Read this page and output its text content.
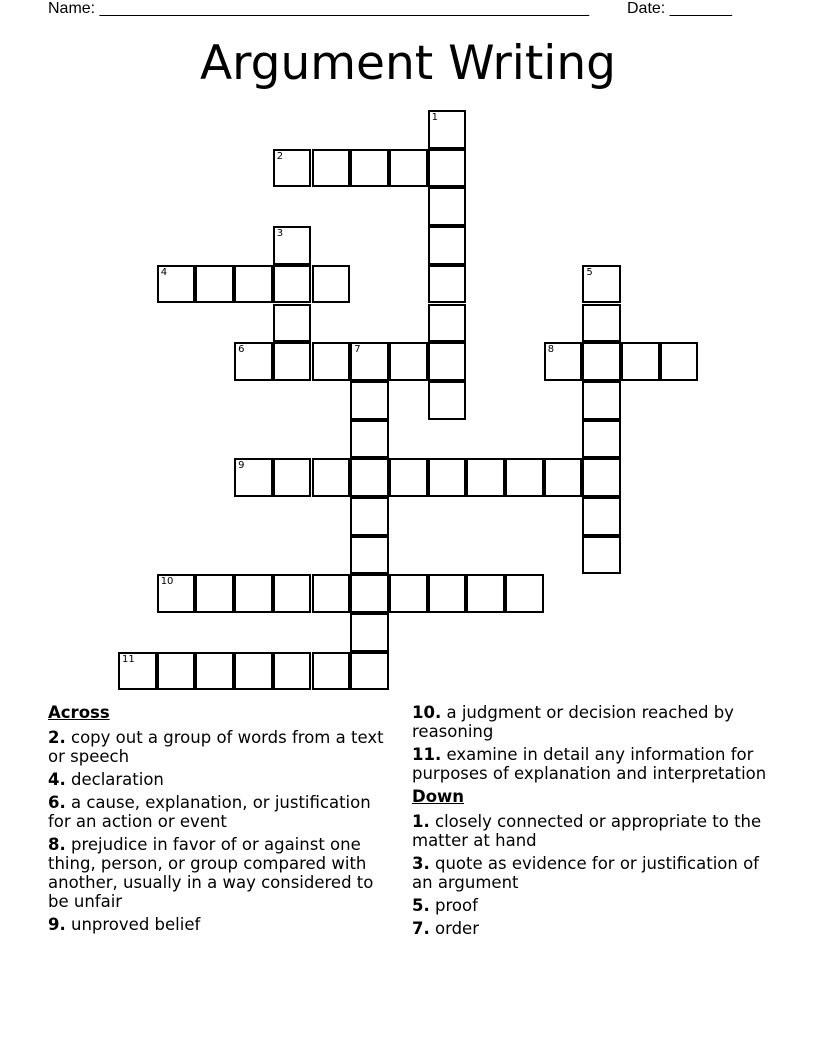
Name: _______________________________________________________ Date: _______
Argument Writing
1
2
3
4	5
6	7	8
9
10
11
Across
2. copy out a group of words from a text or speech
4. declaration
6. a cause, explanation, or justification for an action or event
8. prejudice in favor of or against one thing, person, or group compared with another, usually in a way considered to be unfair
9. unproved belief
10. a judgment or decision reached by reasoning
11. examine in detail any information for purposes of explanation and interpretation
Down
1. closely connected or appropriate to the matter at hand
3. quote as evidence for or justification of an argument
5. proof
7. order
